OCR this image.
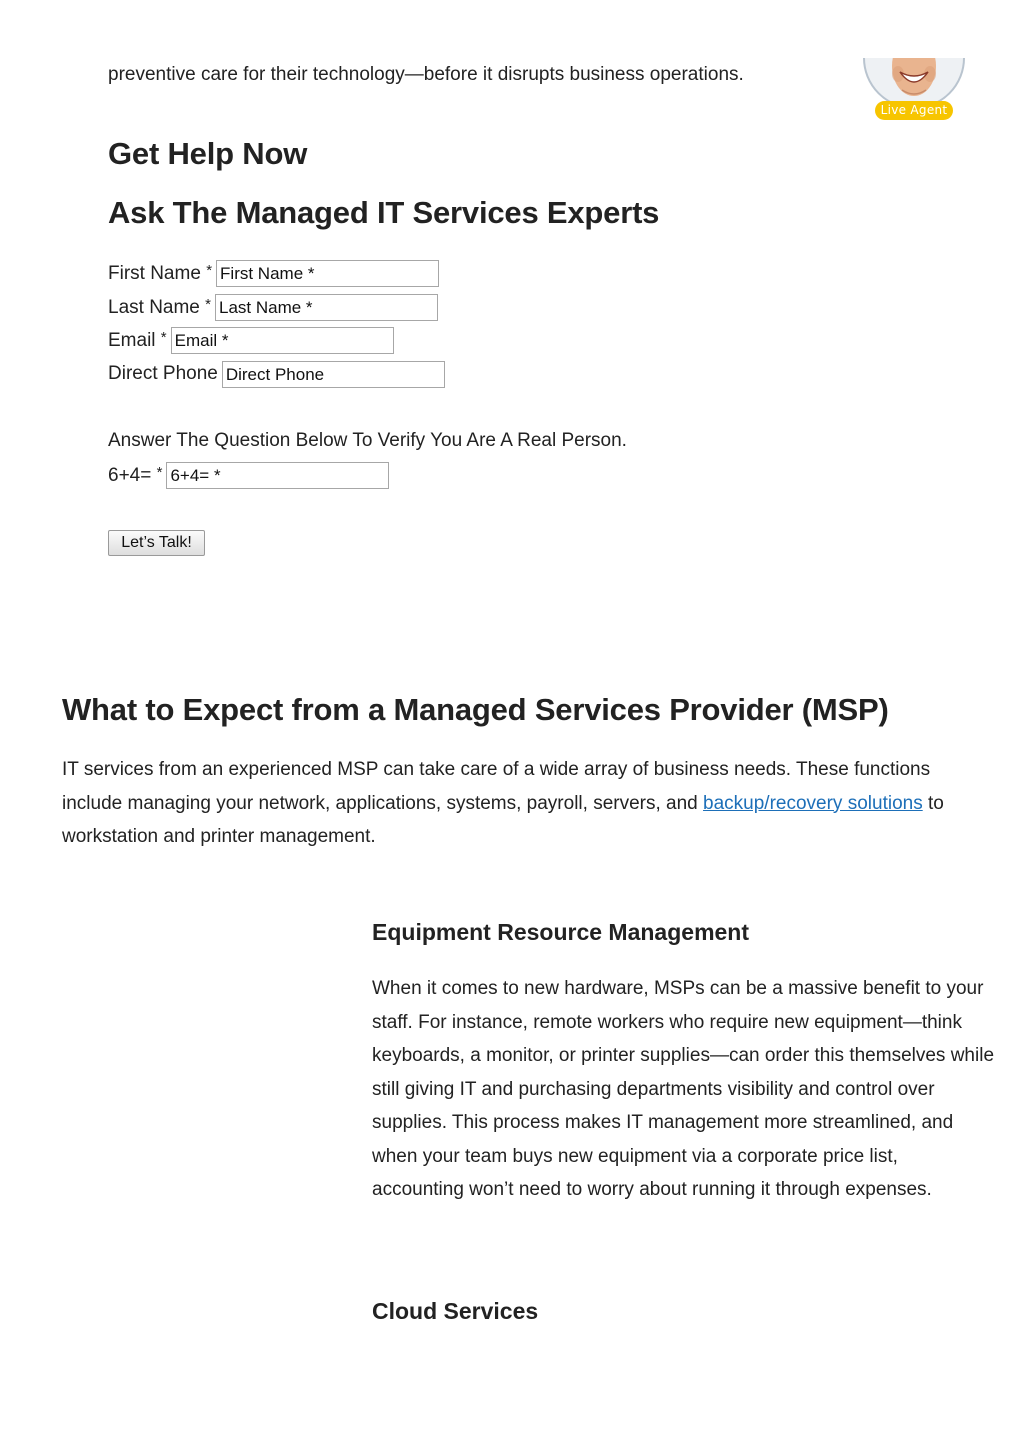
preventive care for their technology—before it disrupts business operations.

Live Agent
Get Help Now
Ask The Managed IT Services Experts
First Name *
First Name *
Last Name *
Last Name *
Email *
Email *
Direct Phone
Direct Phone

Answer The Question Below To Verify You Are A Real Person.

6+4= *
6+4= *
Let’s Talk!
What to Expect from a Managed Services Provider (MSP)

IT services from an experienced MSP can take care of a wide array of business needs. These functions include managing your network, applications, systems, payroll, servers, and backup/recovery solutions to workstation and printer management.

Equipment Resource Management

When it comes to new hardware, MSPs can be a massive benefit to your staff. For instance, remote workers who require new equipment—think keyboards, a monitor, or printer supplies—can order this themselves while still giving IT and purchasing departments visibility and control over supplies. This process makes IT management more streamlined, and when your team buys new equipment via a corporate price list, accounting won’t need to worry about running it through expenses.

Cloud Services
